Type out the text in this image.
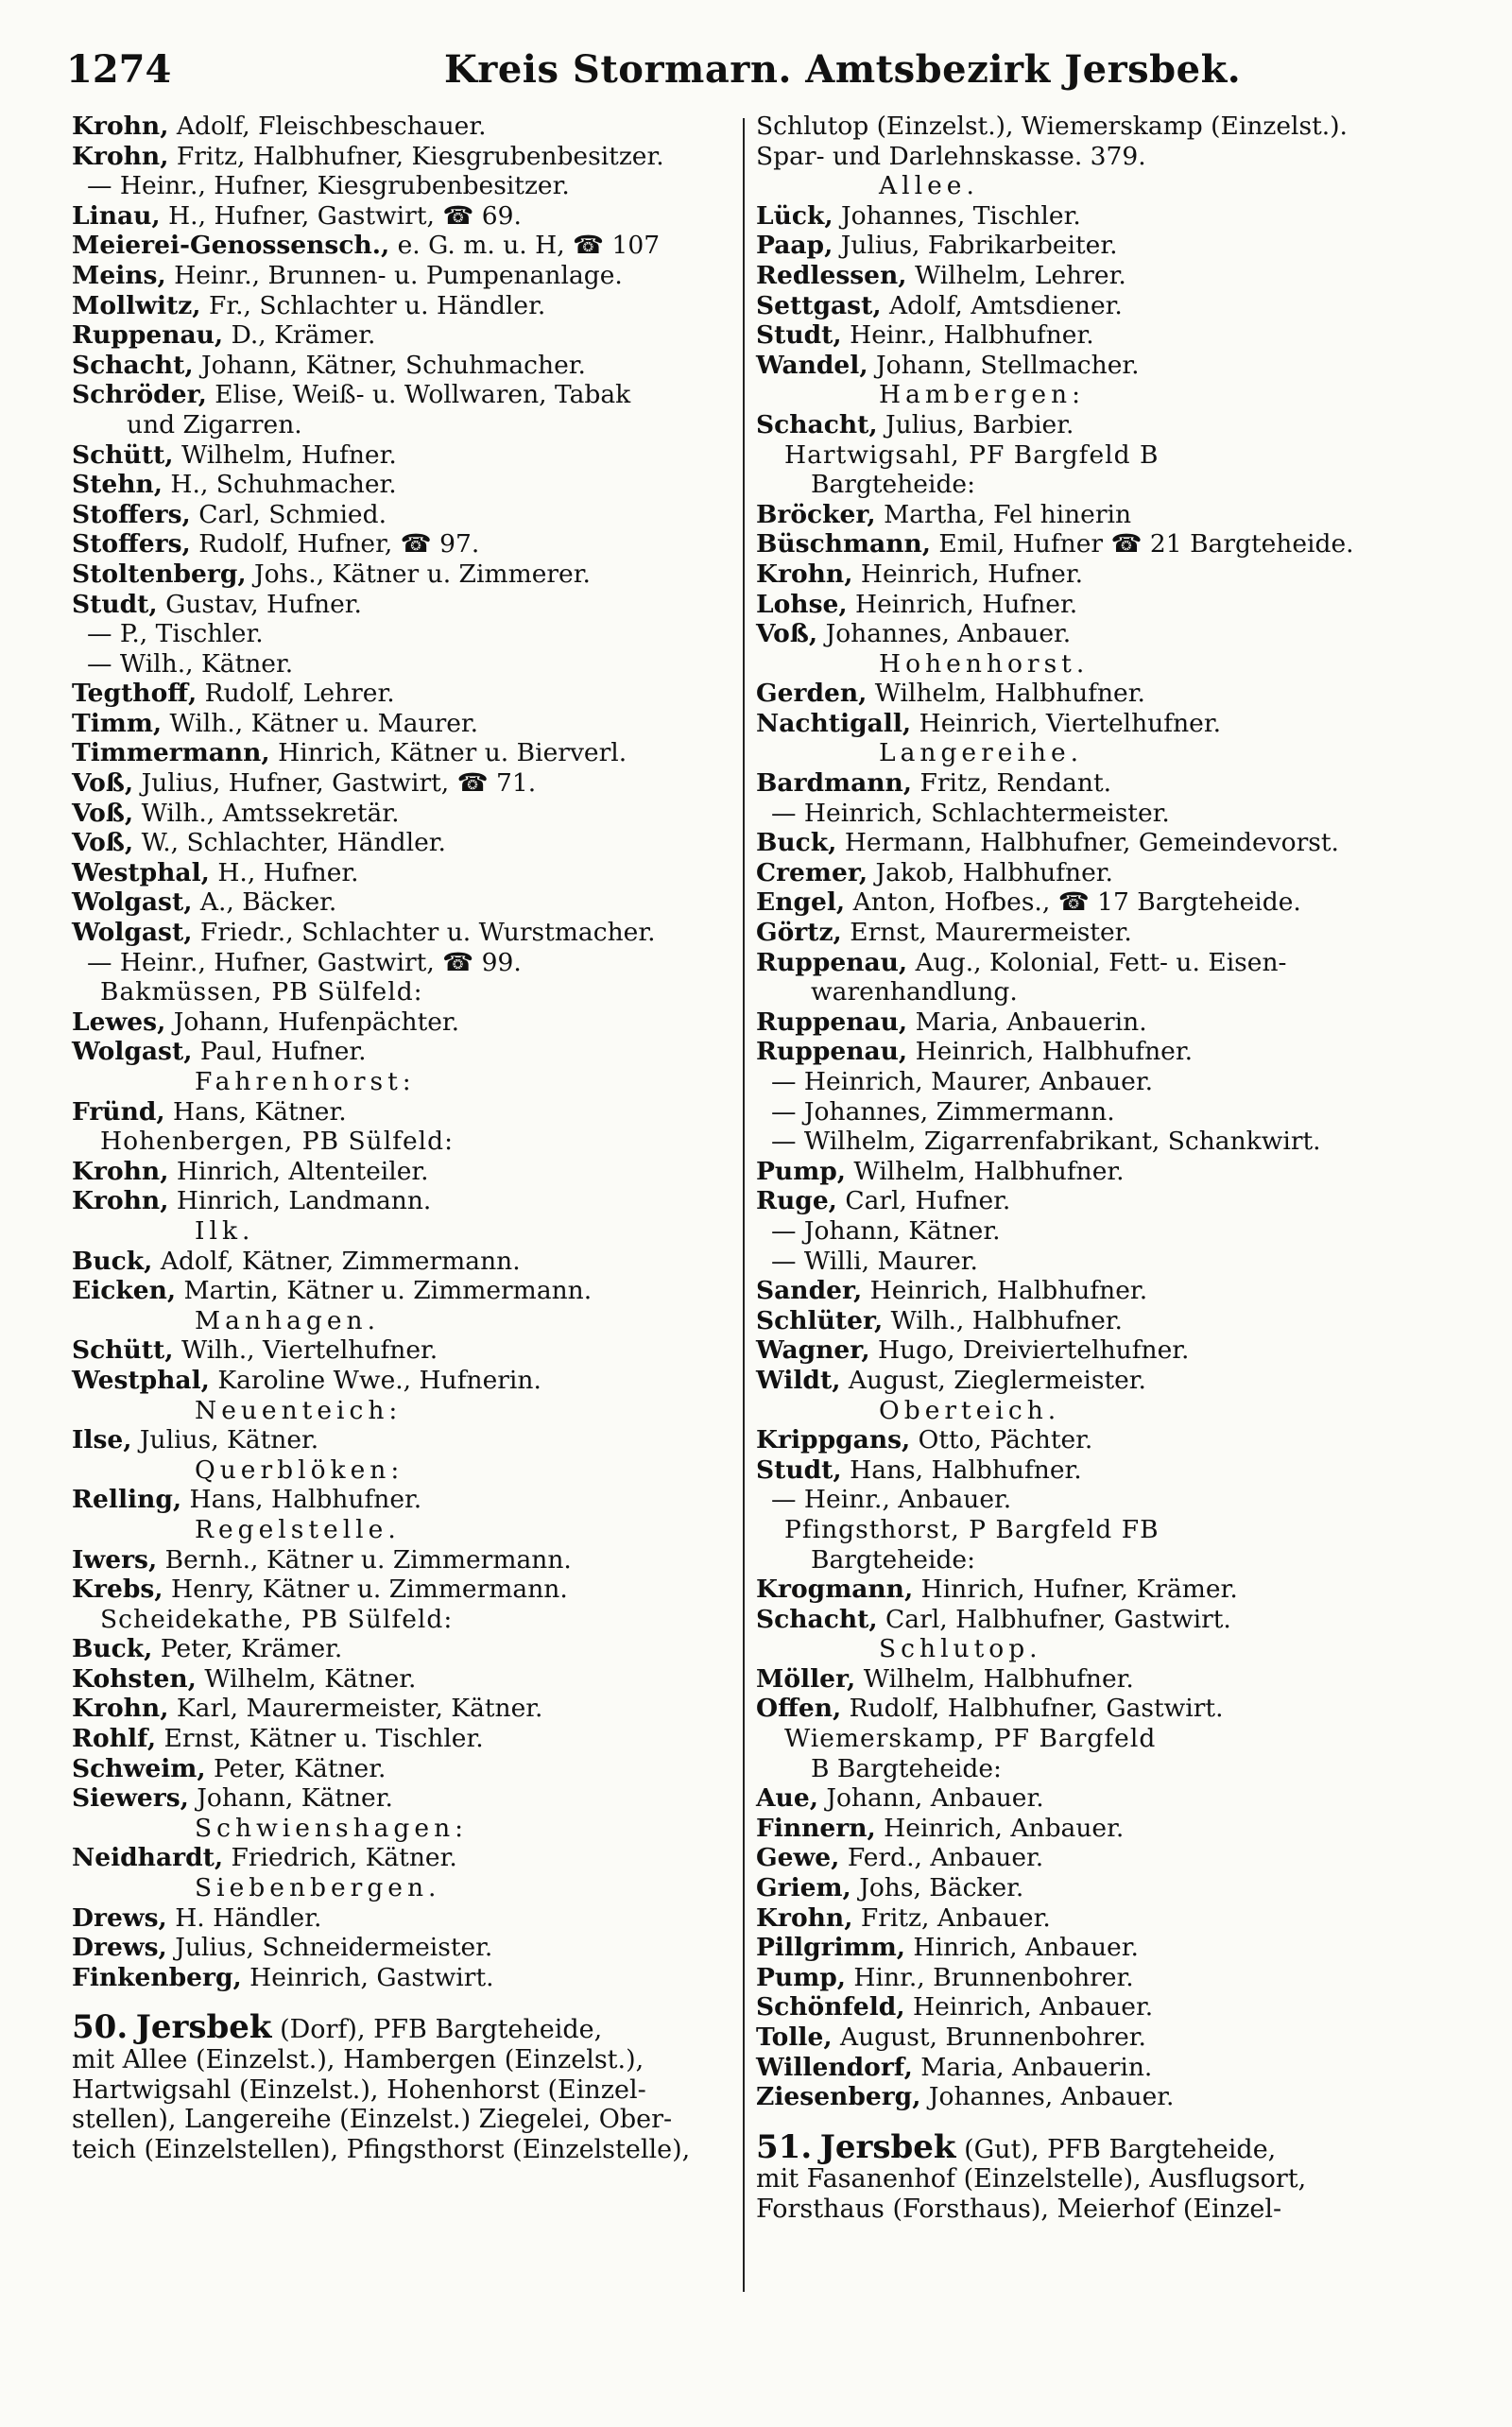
1274	Kreis Stormarn. Amtsbezirk Jersbek.
Krohn, Adolf, Fleischbeschauer.
Krohn, Fritz, Halbhufner, Kiesgrubenbesitzer.
— Heinr., Hufner, Kiesgrubenbesitzer.
Linau, H., Hufner, Gastwirt, ☎ 69.
Meierei-Genossensch., e. G. m. u. H, ☎ 107
Meins, Heinr., Brunnen- u. Pumpenanlage.
Mollwitz, Fr., Schlachter u. Händler.
Ruppenau, D., Krämer.
Schacht, Johann, Kätner, Schuhmacher.
Schröder, Elise, Weiß- u. Wollwaren, Tabak
und Zigarren.
Schütt, Wilhelm, Hufner.
Stehn, H., Schuhmacher.
Stoffers, Carl, Schmied.
Stoffers, Rudolf, Hufner, ☎ 97.
Stoltenberg, Johs., Kätner u. Zimmerer.
Studt, Gustav, Hufner.
— P., Tischler.
— Wilh., Kätner.
Tegthoff, Rudolf, Lehrer.
Timm, Wilh., Kätner u. Maurer.
Timmermann, Hinrich, Kätner u. Bierverl.
Voß, Julius, Hufner, Gastwirt, ☎ 71.
Voß, Wilh., Amtssekretär.
Voß, W., Schlachter, Händler.
Westphal, H., Hufner.
Wolgast, A., Bäcker.
Wolgast, Friedr., Schlachter u. Wurstmacher.
— Heinr., Hufner, Gastwirt, ☎ 99.
Bakmüssen, PB Sülfeld:
Lewes, Johann, Hufenpächter.
Wolgast, Paul, Hufner.
Fahrenhorst:
Fründ, Hans, Kätner.
Hohenbergen, PB Sülfeld:
Krohn, Hinrich, Altenteiler.
Krohn, Hinrich, Landmann.
Ilk.
Buck, Adolf, Kätner, Zimmermann.
Eicken, Martin, Kätner u. Zimmermann.
Manhagen.
Schütt, Wilh., Viertelhufner.
Westphal, Karoline Wwe., Hufnerin.
Neuenteich:
Ilse, Julius, Kätner.
Querblöken:
Relling, Hans, Halbhufner.
Regelstelle.
Iwers, Bernh., Kätner u. Zimmermann.
Krebs, Henry, Kätner u. Zimmermann.
Scheidekathe, PB Sülfeld:
Buck, Peter, Krämer.
Kohsten, Wilhelm, Kätner.
Krohn, Karl, Maurermeister, Kätner.
Rohlf, Ernst, Kätner u. Tischler.
Schweim, Peter, Kätner.
Siewers, Johann, Kätner.
Schwienshagen:
Neidhardt, Friedrich, Kätner.
Siebenbergen.
Drews, H. Händler.
Drews, Julius, Schneidermeister.
Finkenberg, Heinrich, Gastwirt.
50. Jersbek (Dorf), PFB Bargteheide,
mit Allee (Einzelst.), Hambergen (Einzelst.),
Hartwigsahl (Einzelst.), Hohenhorst (Einzel-
stellen), Langereihe (Einzelst.) Ziegelei, Ober-
teich (Einzelstellen), Pfingsthorst (Einzelstelle),
Schlutop (Einzelst.), Wiemerskamp (Einzelst.).
Spar- und Darlehnskasse. 379.
Allee.
Lück, Johannes, Tischler.
Paap, Julius, Fabrikarbeiter.
Redlessen, Wilhelm, Lehrer.
Settgast, Adolf, Amtsdiener.
Studt, Heinr., Halbhufner.
Wandel, Johann, Stellmacher.
Hambergen:
Schacht, Julius, Barbier.
Hartwigsahl, PF Bargfeld B
Bargteheide:
Bröcker, Martha, Fel hinerin
Büschmann, Emil, Hufner ☎ 21 Bargteheide.
Krohn, Heinrich, Hufner.
Lohse, Heinrich, Hufner.
Voß, Johannes, Anbauer.
Hohenhorst.
Gerden, Wilhelm, Halbhufner.
Nachtigall, Heinrich, Viertelhufner.
Langereihe.
Bardmann, Fritz, Rendant.
— Heinrich, Schlachtermeister.
Buck, Hermann, Halbhufner, Gemeindevorst.
Cremer, Jakob, Halbhufner.
Engel, Anton, Hofbes., ☎ 17 Bargteheide.
Görtz, Ernst, Maurermeister.
Ruppenau, Aug., Kolonial, Fett- u. Eisen-
warenhandlung.
Ruppenau, Maria, Anbauerin.
Ruppenau, Heinrich, Halbhufner.
— Heinrich, Maurer, Anbauer.
— Johannes, Zimmermann.
— Wilhelm, Zigarrenfabrikant, Schankwirt.
Pump, Wilhelm, Halbhufner.
Ruge, Carl, Hufner.
— Johann, Kätner.
— Willi, Maurer.
Sander, Heinrich, Halbhufner.
Schlüter, Wilh., Halbhufner.
Wagner, Hugo, Dreiviertelhufner.
Wildt, August, Zieglermeister.
Oberteich.
Krippgans, Otto, Pächter.
Studt, Hans, Halbhufner.
— Heinr., Anbauer.
Pfingsthorst, P Bargfeld FB
Bargteheide:
Krogmann, Hinrich, Hufner, Krämer.
Schacht, Carl, Halbhufner, Gastwirt.
Schlutop.
Möller, Wilhelm, Halbhufner.
Offen, Rudolf, Halbhufner, Gastwirt.
Wiemerskamp, PF Bargfeld
B Bargteheide:
Aue, Johann, Anbauer.
Finnern, Heinrich, Anbauer.
Gewe, Ferd., Anbauer.
Griem, Johs, Bäcker.
Krohn, Fritz, Anbauer.
Pillgrimm, Hinrich, Anbauer.
Pump, Hinr., Brunnenbohrer.
Schönfeld, Heinrich, Anbauer.
Tolle, August, Brunnenbohrer.
Willendorf, Maria, Anbauerin.
Ziesenberg, Johannes, Anbauer.
51. Jersbek (Gut), PFB Bargteheide,
mit Fasanenhof (Einzelstelle), Ausflugsort,
Forsthaus (Forsthaus), Meierhof (Einzel-
